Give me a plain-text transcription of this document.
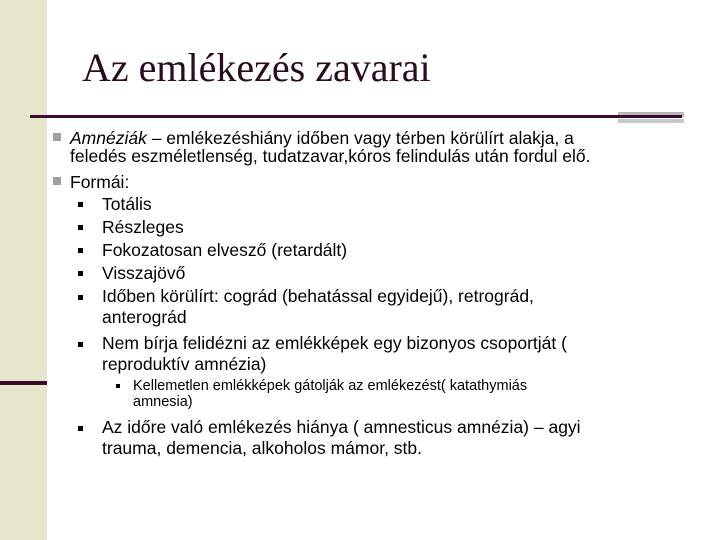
Az emlékezés zavarai
Amnéziák – emlékezéshiány időben vagy térben körülírt alakja, a
feledés eszméletlenség, tudatzavar,kóros felindulás után fordul elő.
Formái:
Totális
Részleges
Fokozatosan elvesző (retardált)
Visszajövő
Időben körülírt: cográd (behatással egyidejű), retrográd,
anterográd
Nem bírja felidézni az emlékképek egy bizonyos csoportját (
reproduktív amnézia)
Kellemetlen emlékképek gátolják az emlékezést( katathymiás
amnesia)
Az időre való emlékezés hiánya ( amnesticus amnézia) – agyi
trauma, demencia, alkoholos mámor, stb.
